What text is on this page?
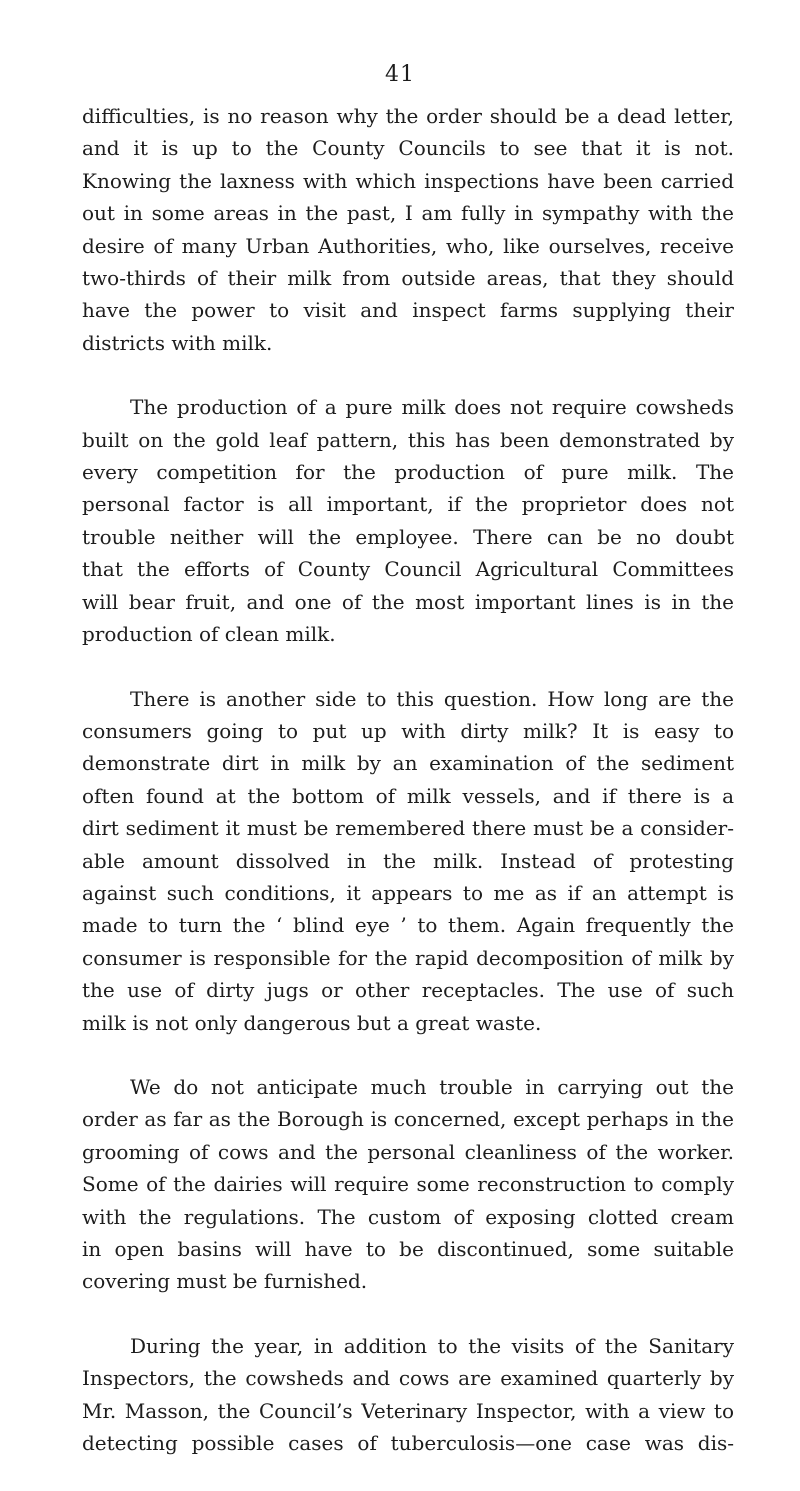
41

difficulties, is no reason why the order should be a dead letter,
and it is up to the County Councils to see that it is not.
Knowing the laxness with which inspections have been carried
out in some areas in the past, I am fully in sympathy with the
desire of many Urban Authorities, who, like ourselves, receive
two-thirds of their milk from outside areas, that they should
have the power to visit and inspect farms supplying their
districts with milk.

The production of a pure milk does not require cowsheds
built on the gold leaf pattern, this has been demonstrated by
every competition for the production of pure milk. The
personal factor is all important, if the proprietor does not
trouble neither will the employee. There can be no doubt
that the efforts of County Council Agricultural Committees
will bear fruit, and one of the most important lines is in the
production of clean milk.

There is another side to this question. How long are the
consumers going to put up with dirty milk? It is easy to
demonstrate dirt in milk by an examination of the sediment
often found at the bottom of milk vessels, and if there is a
dirt sediment it must be remembered there must be a consider-
able amount dissolved in the milk. Instead of protesting
against such conditions, it appears to me as if an attempt is
made to turn the ‘ blind eye ’ to them. Again frequently the
consumer is responsible for the rapid decomposition of milk by
the use of dirty jugs or other receptacles. The use of such
milk is not only dangerous but a great waste.

We do not anticipate much trouble in carrying out the
order as far as the Borough is concerned, except perhaps in the
grooming of cows and the personal cleanliness of the worker.
Some of the dairies will require some reconstruction to comply
with the regulations. The custom of exposing clotted cream
in open basins will have to be discontinued, some suitable
covering must be furnished.

During the year, in addition to the visits of the Sanitary
Inspectors, the cowsheds and cows are examined quarterly by
Mr. Masson, the Council’s Veterinary Inspector, with a view to
detecting possible cases of tuberculosis—one case was dis-
